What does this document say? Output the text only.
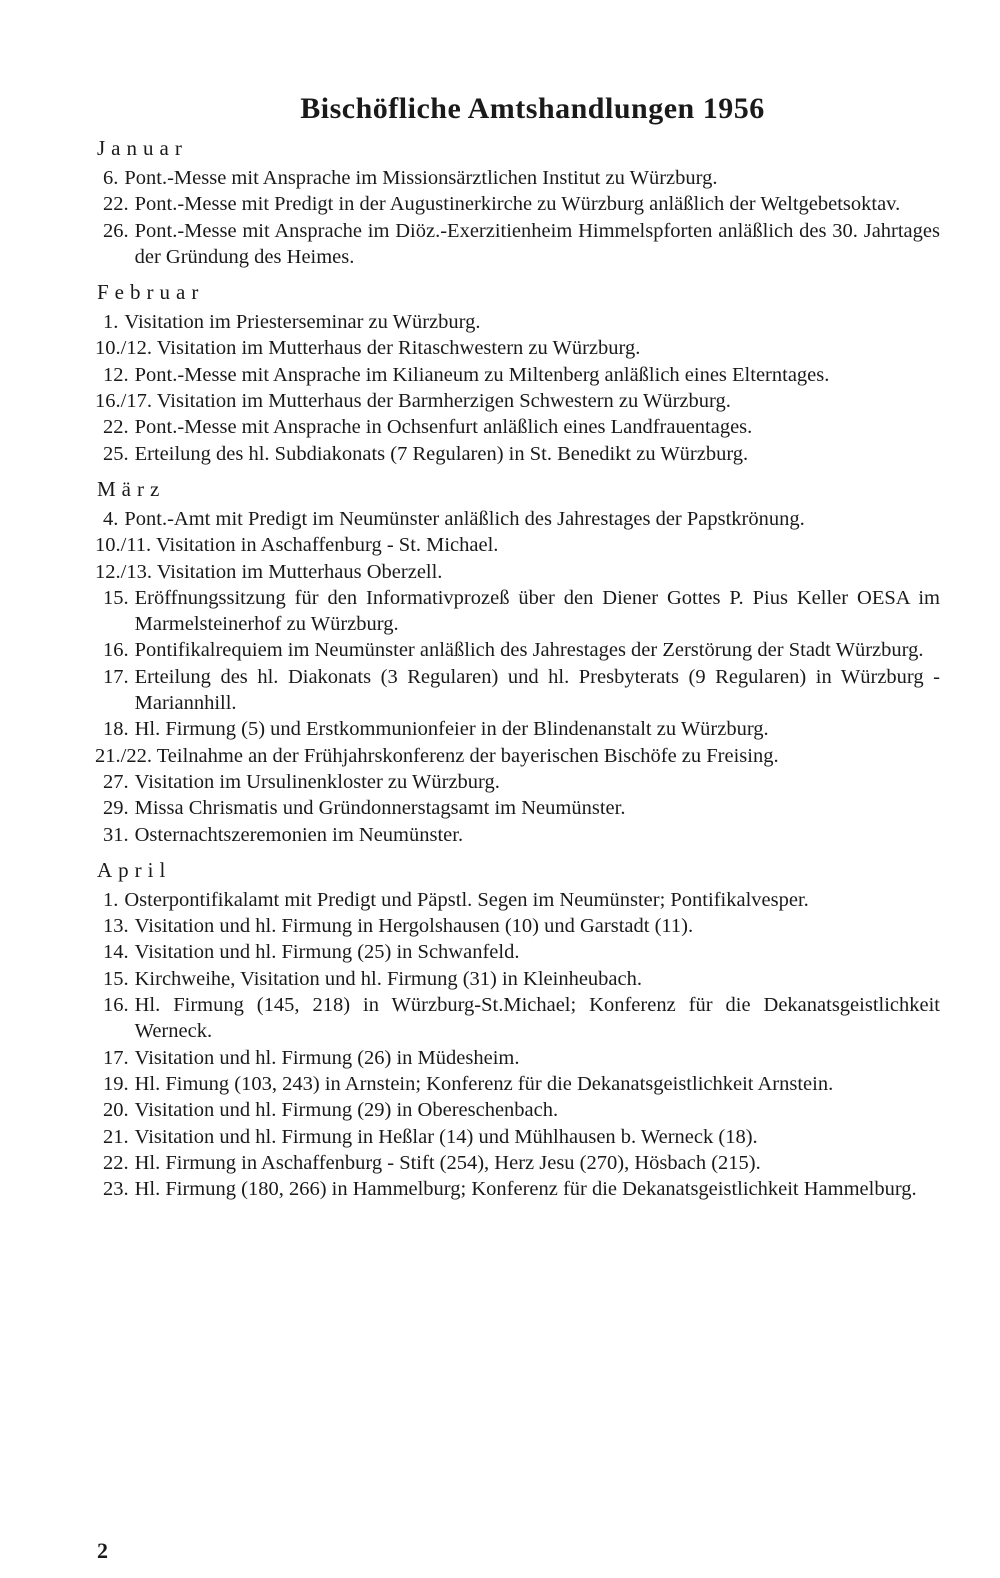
Bischöfliche Amtshandlungen 1956
Januar
6. Pont.-Messe mit Ansprache im Missionsärztlichen Institut zu Würzburg.
22. Pont.-Messe mit Predigt in der Augustinerkirche zu Würzburg anläßlich der Weltgebetsoktav.
26. Pont.-Messe mit Ansprache im Diöz.-Exerzitienheim Himmelspforten anläßlich des 30. Jahrtages der Gründung des Heimes.
Februar
1. Visitation im Priesterseminar zu Würzburg.
10./12. Visitation im Mutterhaus der Ritaschwestern zu Würzburg.
12. Pont.-Messe mit Ansprache im Kilianeum zu Miltenberg anläßlich eines Elterntages.
16./17. Visitation im Mutterhaus der Barmherzigen Schwestern zu Würzburg.
22. Pont.-Messe mit Ansprache in Ochsenfurt anläßlich eines Landfrauentages.
25. Erteilung des hl. Subdiakonats (7 Regularen) in St. Benedikt zu Würzburg.
März
4. Pont.-Amt mit Predigt im Neumünster anläßlich des Jahrestages der Papstkrönung.
10./11. Visitation in Aschaffenburg - St. Michael.
12./13. Visitation im Mutterhaus Oberzell.
15. Eröffnungssitzung für den Informativprozeß über den Diener Gottes P. Pius Keller OESA im Marmelsteinerhof zu Würzburg.
16. Pontifikalrequiem im Neumünster anläßlich des Jahrestages der Zerstörung der Stadt Würzburg.
17. Erteilung des hl. Diakonats (3 Regularen) und hl. Presbyterats (9 Regularen) in Würzburg - Mariannhill.
18. Hl. Firmung (5) und Erstkommunionfeier in der Blindenanstalt zu Würzburg.
21./22. Teilnahme an der Frühjahrskonferenz der bayerischen Bischöfe zu Freising.
27. Visitation im Ursulinenkloster zu Würzburg.
29. Missa Chrismatis und Gründonnerstagsamt im Neumünster.
31. Osternachtszeremonien im Neumünster.
April
1. Osterpontifikalamt mit Predigt und Päpstl. Segen im Neumünster; Pontifikalvesper.
13. Visitation und hl. Firmung in Hergolshausen (10) und Garstadt (11).
14. Visitation und hl. Firmung (25) in Schwanfeld.
15. Kirchweihe, Visitation und hl. Firmung (31) in Kleinheubach.
16. Hl. Firmung (145, 218) in Würzburg-St.Michael; Konferenz für die Dekanatsgeistlichkeit Werneck.
17. Visitation und hl. Firmung (26) in Müdesheim.
19. Hl. Fimung (103, 243) in Arnstein; Konferenz für die Dekanatsgeistlichkeit Arnstein.
20. Visitation und hl. Firmung (29) in Obereschenbach.
21. Visitation und hl. Firmung in Heßlar (14) und Mühlhausen b. Werneck (18).
22. Hl. Firmung in Aschaffenburg - Stift (254), Herz Jesu (270), Hösbach (215).
23. Hl. Firmung (180, 266) in Hammelburg; Konferenz für die Dekanatsgeistlichkeit Hammelburg.
2
